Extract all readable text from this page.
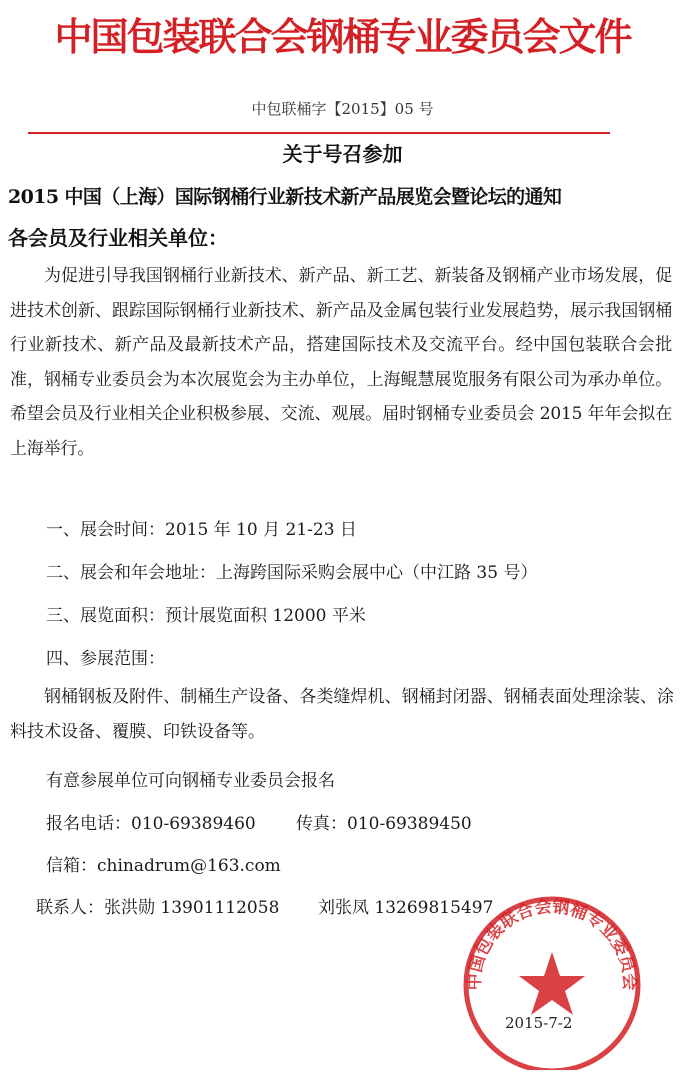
中国包装联合会钢桶专业委员会文件
中包联桶字【2015】05 号
关于号召参加
2015 中国（上海）国际钢桶行业新技术新产品展览会暨论坛的通知
各会员及行业相关单位：
为促进引导我国钢桶行业新技术、新产品、新工艺、新装备及钢桶产业市场发展，促进技术创新、跟踪国际钢桶行业新技术、新产品及金属包装行业发展趋势，展示我国钢桶行业新技术、新产品及最新技术产品，搭建国际技术及交流平台。经中国包装联合会批准，钢桶专业委员会为本次展览会为主办单位，上海鲲慧展览服务有限公司为承办单位。希望会员及行业相关企业积极参展、交流、观展。届时钢桶专业委员会 2015 年年会拟在上海举行。
一、展会时间：2015 年 10 月 21-23 日
二、展会和年会地址：上海跨国际采购会展中心（中江路 35 号）
三、展览面积：预计展览面积 12000 平米
四、参展范围：
钢桶钢板及附件、制桶生产设备、各类缝焊机、钢桶封闭器、钢桶表面处理涂装、涂料技术设备、覆膜、印铁设备等。
有意参展单位可向钢桶专业委员会报名
报名电话：010-69389460 传真：010-69389450
信箱：chinadrum@163.com
联系人：张洪勋 13901112058 刘张凤 13269815497
中国包装联合会钢桶专业委员会
2015-7-2
